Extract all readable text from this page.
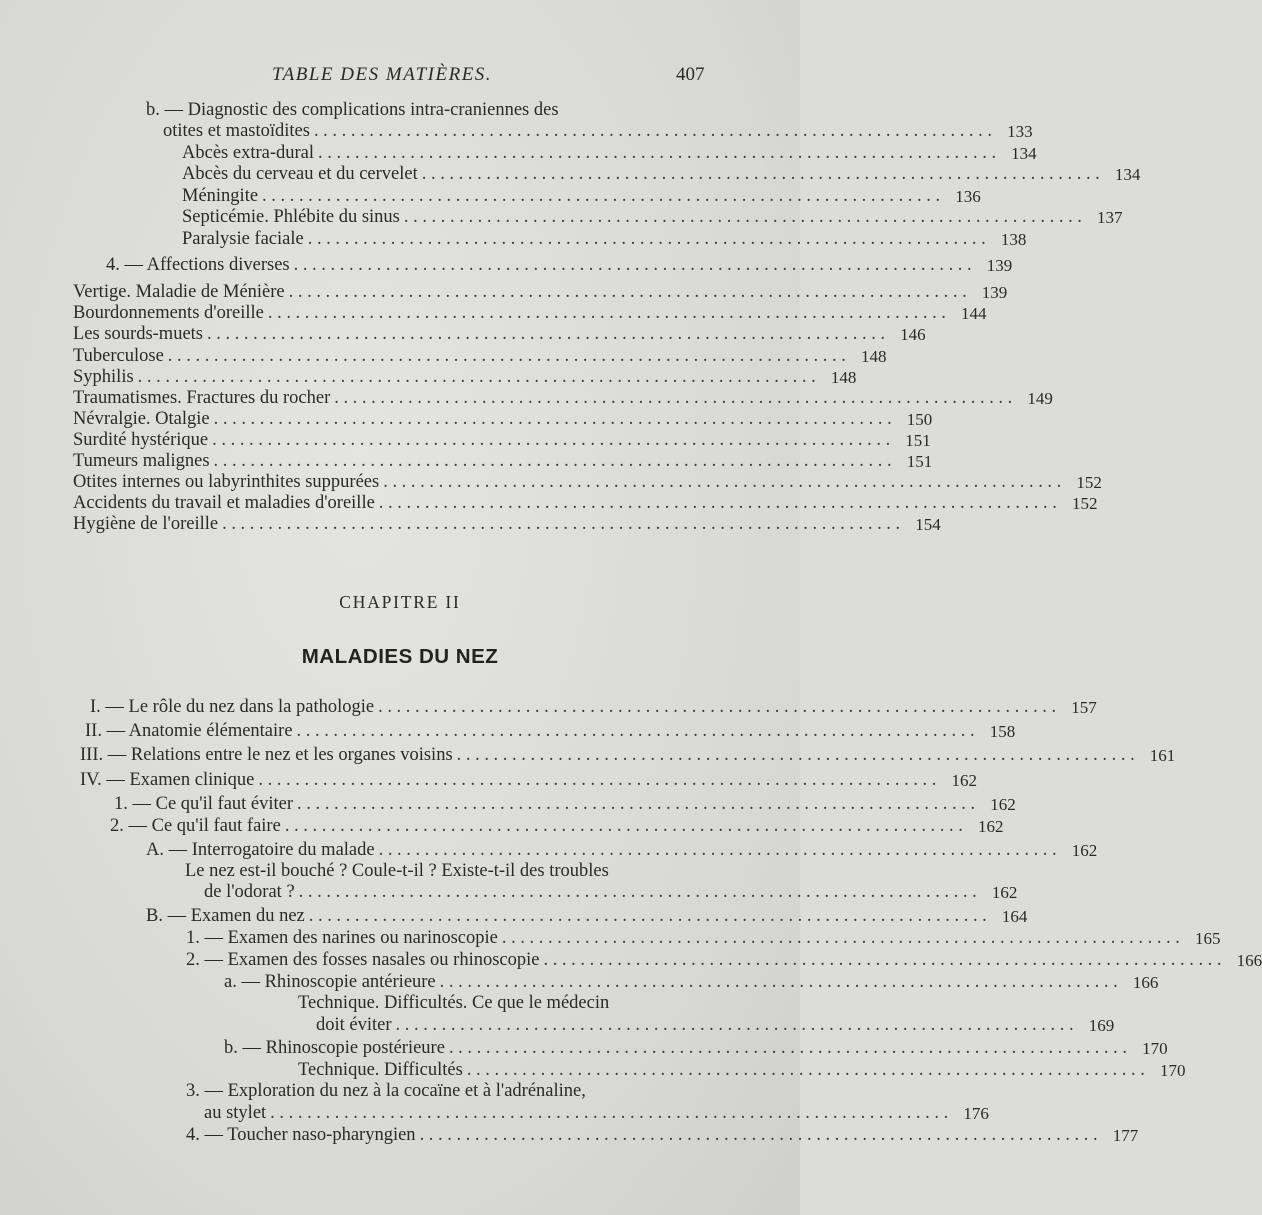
TABLE DES MATIÈRES.	407
b. — Diagnostic des complications intra-craniennes des
otites et mastoïdites .......................................................................... 133
Abcès extra-dural .......................................................................... 134
Abcès du cerveau et du cervelet .......................................................................... 134
Méningite .......................................................................... 136
Septicémie. Phlébite du sinus .......................................................................... 137
Paralysie faciale .......................................................................... 138
4. — Affections diverses .......................................................................... 139
Vertige. Maladie de Ménière .......................................................................... 139
Bourdonnements d'oreille .......................................................................... 144
Les sourds-muets .......................................................................... 146
Tuberculose .......................................................................... 148
Syphilis .......................................................................... 148
Traumatismes. Fractures du rocher .......................................................................... 149
Névralgie. Otalgie .......................................................................... 150
Surdité hystérique .......................................................................... 151
Tumeurs malignes .......................................................................... 151
Otites internes ou labyrinthites suppurées .......................................................................... 152
Accidents du travail et maladies d'oreille .......................................................................... 152
Hygiène de l'oreille .......................................................................... 154
CHAPITRE II
MALADIES DU NEZ
I. — Le rôle du nez dans la pathologie .......................................................................... 157
II. — Anatomie élémentaire .......................................................................... 158
III. — Relations entre le nez et les organes voisins .......................................................................... 161
IV. — Examen clinique .......................................................................... 162
1. — Ce qu'il faut éviter .......................................................................... 162
2. — Ce qu'il faut faire .......................................................................... 162
A. — Interrogatoire du malade .......................................................................... 162
Le nez est-il bouché ? Coule-t-il ? Existe-t-il des troubles
de l'odorat ? .......................................................................... 162
B. — Examen du nez .......................................................................... 164
1. — Examen des narines ou narinoscopie .......................................................................... 165
2. — Examen des fosses nasales ou rhinoscopie .......................................................................... 166
a. — Rhinoscopie antérieure .......................................................................... 166
Technique. Difficultés. Ce que le médecin
doit éviter .......................................................................... 169
b. — Rhinoscopie postérieure .......................................................................... 170
Technique. Difficultés .......................................................................... 170
3. — Exploration du nez à la cocaïne et à l'adrénaline,
au stylet .......................................................................... 176
4. — Toucher naso-pharyngien .......................................................................... 177
